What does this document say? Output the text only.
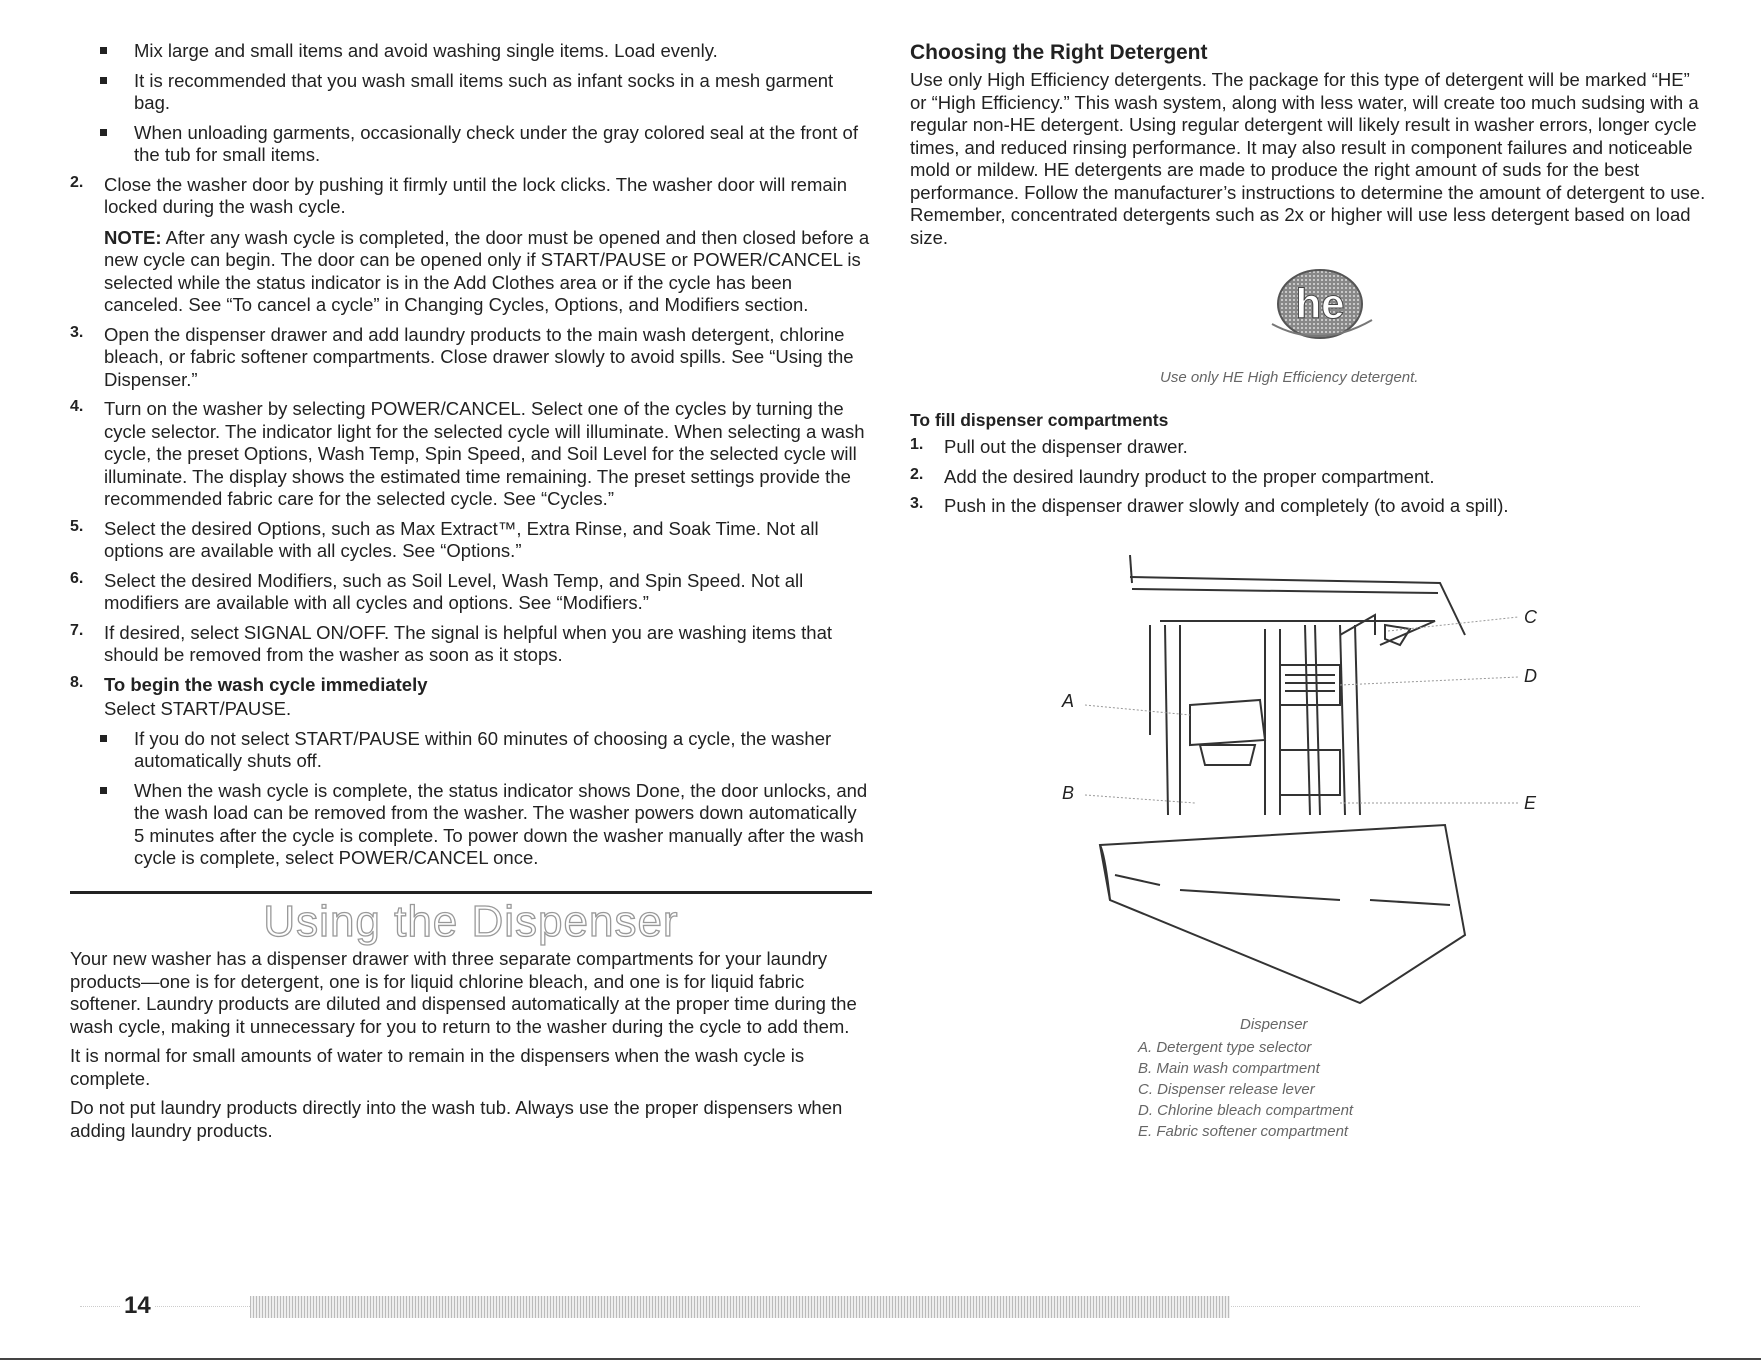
Mix large and small items and avoid washing single items. Load evenly.

It is recommended that you wash small items such as infant socks in a mesh garment bag.

When unloading garments, occasionally check under the gray colored seal at the front of the tub for small items.

2. Close the washer door by pushing it firmly until the lock clicks. The washer door will remain locked during the wash cycle.

NOTE: After any wash cycle is completed, the door must be opened and then closed before a new cycle can begin. The door can be opened only if START/PAUSE or POWER/CANCEL is selected while the status indicator is in the Add Clothes area or if the cycle has been canceled. See “To cancel a cycle” in Changing Cycles, Options, and Modifiers section.

3. Open the dispenser drawer and add laundry products to the main wash detergent, chlorine bleach, or fabric softener compartments. Close drawer slowly to avoid spills. See “Using the Dispenser.”

4. Turn on the washer by selecting POWER/CANCEL. Select one of the cycles by turning the cycle selector. The indicator light for the selected cycle will illuminate. When selecting a wash cycle, the preset Options, Wash Temp, Spin Speed, and Soil Level for the selected cycle will illuminate. The display shows the estimated time remaining. The preset settings provide the recommended fabric care for the selected cycle. See “Cycles.”

5. Select the desired Options, such as Max Extract™, Extra Rinse, and Soak Time. Not all options are available with all cycles. See “Options.”

6. Select the desired Modifiers, such as Soil Level, Wash Temp, and Spin Speed. Not all modifiers are available with all cycles and options. See “Modifiers.”

7. If desired, select SIGNAL ON/OFF. The signal is helpful when you are washing items that should be removed from the washer as soon as it stops.

8. To begin the wash cycle immediately

Select START/PAUSE.

If you do not select START/PAUSE within 60 minutes of choosing a cycle, the washer automatically shuts off.

When the wash cycle is complete, the status indicator shows Done, the door unlocks, and the wash load can be removed from the washer. The washer powers down automatically 5 minutes after the cycle is complete. To power down the washer manually after the wash cycle is complete, select POWER/CANCEL once.

Using the Dispenser

Your new washer has a dispenser drawer with three separate compartments for your laundry products—one is for detergent, one is for liquid chlorine bleach, and one is for liquid fabric softener. Laundry products are diluted and dispensed automatically at the proper time during the wash cycle, making it unnecessary for you to return to the washer during the cycle to add them.

It is normal for small amounts of water to remain in the dispensers when the wash cycle is complete.

Do not put laundry products directly into the wash tub. Always use the proper dispensers when adding laundry products.

Choosing the Right Detergent

Use only High Efficiency detergents. The package for this type of detergent will be marked “HE” or “High Efficiency.” This wash system, along with less water, will create too much sudsing with a regular non-HE detergent. Using regular detergent will likely result in washer errors, longer cycle times, and reduced rinsing performance. It may also result in component failures and noticeable mold or mildew. HE detergents are made to produce the right amount of suds for the best performance. Follow the manufacturer’s instructions to determine the amount of detergent to use. Remember, concentrated detergents such as 2x or higher will use less detergent based on load size.

he
Use only HE High Efficiency detergent.
To fill dispenser compartments
1. Pull out the dispenser drawer.

2. Add the desired laundry product to the proper compartment.

3. Push in the dispenser drawer slowly and completely (to avoid a spill).

A
B
C
D
E
Dispenser
A. Detergent type selector
B. Main wash compartment
C. Dispenser release lever
D. Chlorine bleach compartment
E. Fabric softener compartment
14
